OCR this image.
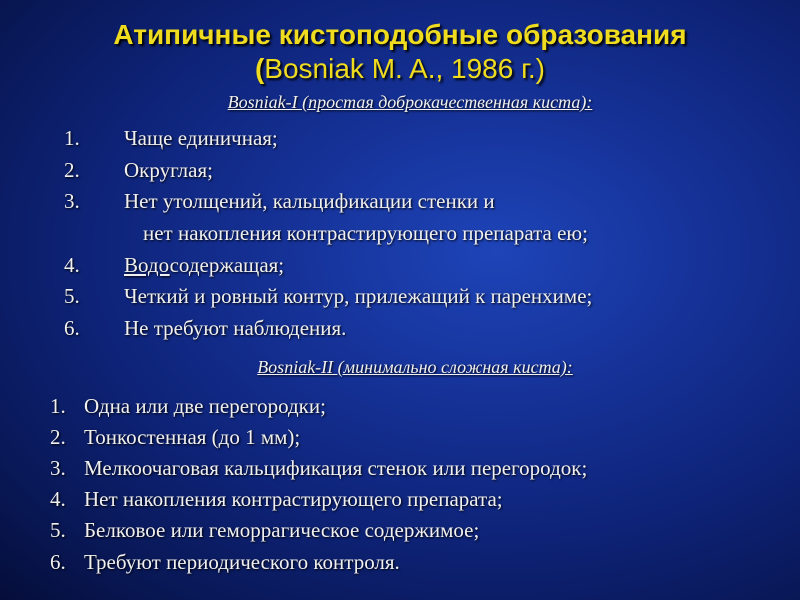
Атипичные кистоподобные образования
(Bosniak M. A., 1986 г.)
Bosniak-I (простая доброкачественная киста):
1. Чаще единичная;
2. Округлая;
3. Нет утолщений, кальцификации стенки и
нет накопления контрастирующего препарата ею;
4. Водосодержащая;
5. Четкий и ровный контур, прилежащий к паренхиме;
6. Не требуют наблюдения.
Bosniak-II (минимально сложная киста):
1. Одна или две перегородки;
2. Тонкостенная (до 1 мм);
3. Мелкоочаговая кальцификация стенок или перегородок;
4. Нет накопления контрастирующего препарата;
5. Белковое или геморрагическое содержимое;
6. Требуют периодического контроля.
